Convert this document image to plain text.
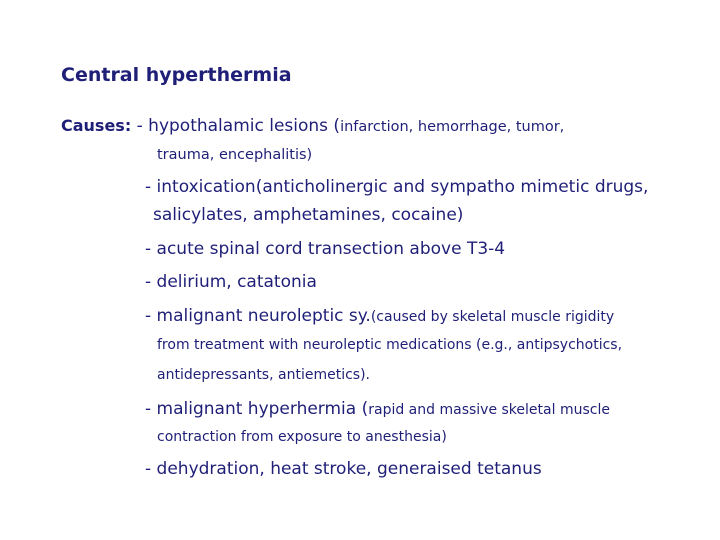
Central hyperthermia
Causes: - hypothalamic lesions (infarction, hemorrhage, tumor,
trauma, encephalitis)
- intoxication(anticholinergic and sympatho mimetic drugs,
salicylates, amphetamines, cocaine)
- acute spinal cord transection above T3-4
- delirium, catatonia
- malignant neuroleptic sy.(caused by skeletal muscle rigidity
from treatment with neuroleptic medications (e.g., antipsychotics,
antidepressants, antiemetics).
- malignant hyperhermia (rapid and massive skeletal muscle
contraction from exposure to anesthesia)
- dehydration, heat stroke, generaised tetanus
